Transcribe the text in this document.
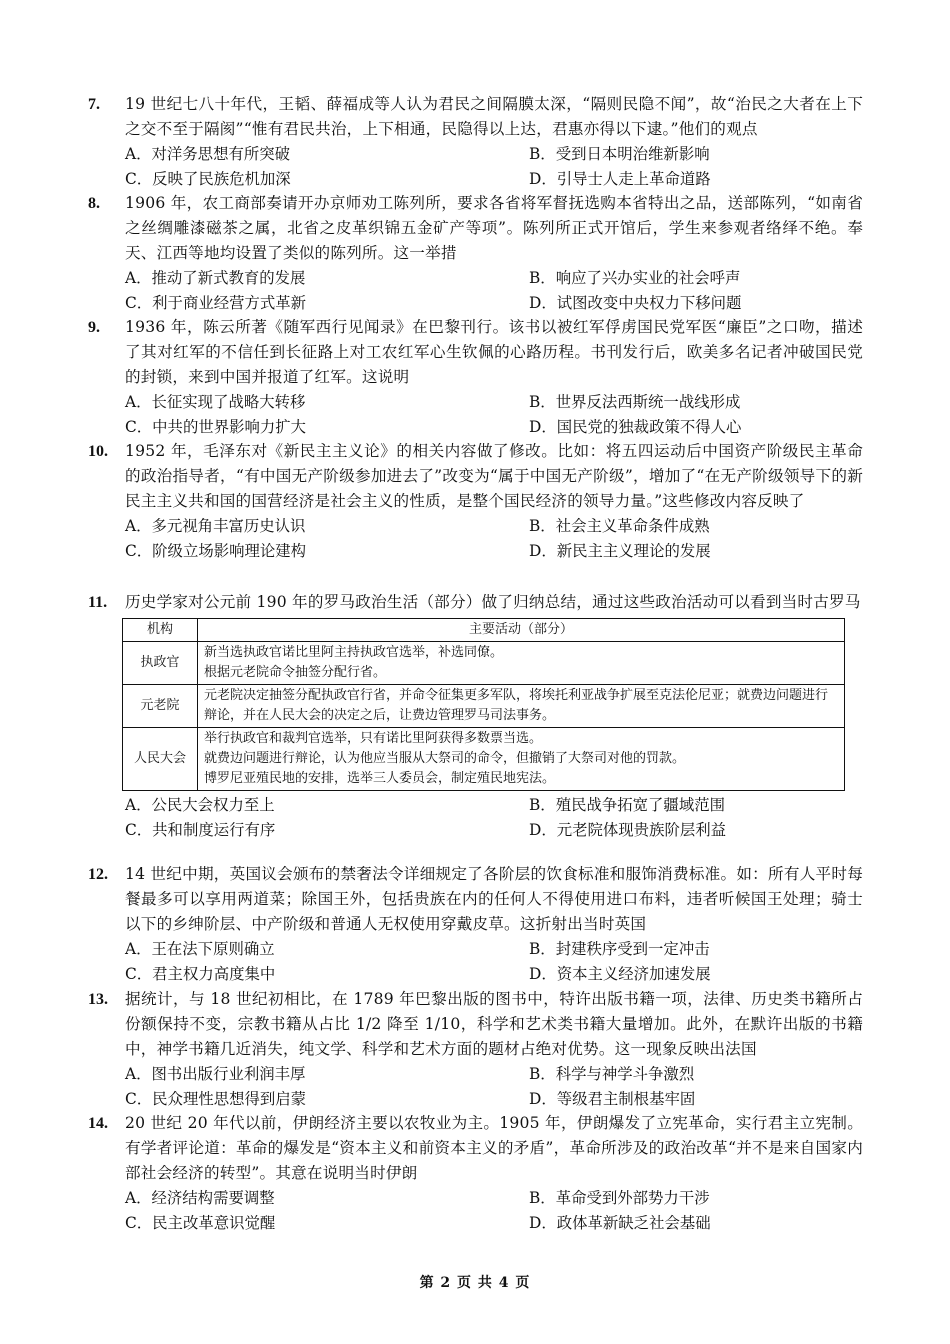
7.	19 世纪七八十年代，王韬、薛福成等人认为君民之间隔膜太深，“隔则民隐不闻”，故“治民之大者在上下之交不至于隔阂”“惟有君民共治，上下相通，民隐得以上达，君惠亦得以下逮。”他们的观点
A．对洋务思想有所突破	B．受到日本明治维新影响
C．反映了民族危机加深	D．引导士人走上革命道路
8.	1906 年，农工商部奏请开办京师劝工陈列所，要求各省将军督抚选购本省特出之品，送部陈列，“如南省之丝绸雕漆磁茶之属，北省之皮革织锦五金矿产等项”。陈列所正式开馆后，学生来参观者络绎不绝。奉天、江西等地均设置了类似的陈列所。这一举措
A．推动了新式教育的发展	B．响应了兴办实业的社会呼声
C．利于商业经营方式革新	D．试图改变中央权力下移问题
9.	1936 年，陈云所著《随军西行见闻录》在巴黎刊行。该书以被红军俘虏国民党军医“廉臣”之口吻，描述了其对红军的不信任到长征路上对工农红军心生钦佩的心路历程。书刊发行后，欧美多名记者冲破国民党的封锁，来到中国并报道了红军。这说明
A．长征实现了战略大转移	B．世界反法西斯统一战线形成
C．中共的世界影响力扩大	D．国民党的独裁政策不得人心
10.	1952 年，毛泽东对《新民主主义论》的相关内容做了修改。比如：将五四运动后中国资产阶级民主革命的政治指导者，“有中国无产阶级参加进去了”改变为“属于中国无产阶级”，增加了“在无产阶级领导下的新民主主义共和国的国营经济是社会主义的性质，是整个国民经济的领导力量。”这些修改内容反映了
A．多元视角丰富历史认识	B．社会主义革命条件成熟
C．阶级立场影响理论建构	D．新民主主义理论的发展
11.	历史学家对公元前 190 年的罗马政治生活（部分）做了归纳总结，通过这些政治活动可以看到当时古罗马
机构	主要活动（部分）
执政官	新当选执政官诺比里阿主持执政官选举，补选同僚。
根据元老院命令抽签分配行省。

元老院	元老院决定抽签分配执政官行省，并命令征集更多军队，将埃托利亚战争扩展至克法伦尼亚；就费边问题进行辩论，并在人民大会的决定之后，让费边管理罗马司法事务。

人民大会	举行执政官和裁判官选举，只有诺比里阿获得多数票当选。
就费边问题进行辩论，认为他应当服从大祭司的命令，但撤销了大祭司对他的罚款。
博罗尼亚殖民地的安排，选举三人委员会，制定殖民地宪法。
A．公民大会权力至上	B．殖民战争拓宽了疆域范围
C．共和制度运行有序	D．元老院体现贵族阶层利益
12.	14 世纪中期，英国议会颁布的禁奢法令详细规定了各阶层的饮食标准和服饰消费标准。如：所有人平时每餐最多可以享用两道菜；除国王外，包括贵族在内的任何人不得使用进口布料，违者听候国王处理；骑士以下的乡绅阶层、中产阶级和普通人无权使用穿戴皮草。这折射出当时英国
A．王在法下原则确立	B．封建秩序受到一定冲击
C．君主权力高度集中	D．资本主义经济加速发展
13.	据统计，与 18 世纪初相比，在 1789 年巴黎出版的图书中，特许出版书籍一项，法律、历史类书籍所占份额保持不变，宗教书籍从占比 1/2 降至 1/10，科学和艺术类书籍大量增加。此外，在默许出版的书籍中，神学书籍几近消失，纯文学、科学和艺术方面的题材占绝对优势。这一现象反映出法国
A．图书出版行业利润丰厚	B．科学与神学斗争激烈
C．民众理性思想得到启蒙	D．等级君主制根基牢固
14.	20 世纪 20 年代以前，伊朗经济主要以农牧业为主。1905 年，伊朗爆发了立宪革命，实行君主立宪制。有学者评论道：革命的爆发是“资本主义和前资本主义的矛盾”，革命所涉及的政治改革“并不是来自国家内部社会经济的转型”。其意在说明当时伊朗
A．经济结构需要调整	B．革命受到外部势力干涉
C．民主改革意识觉醒	D．政体革新缺乏社会基础
第 2 页 共 4 页
